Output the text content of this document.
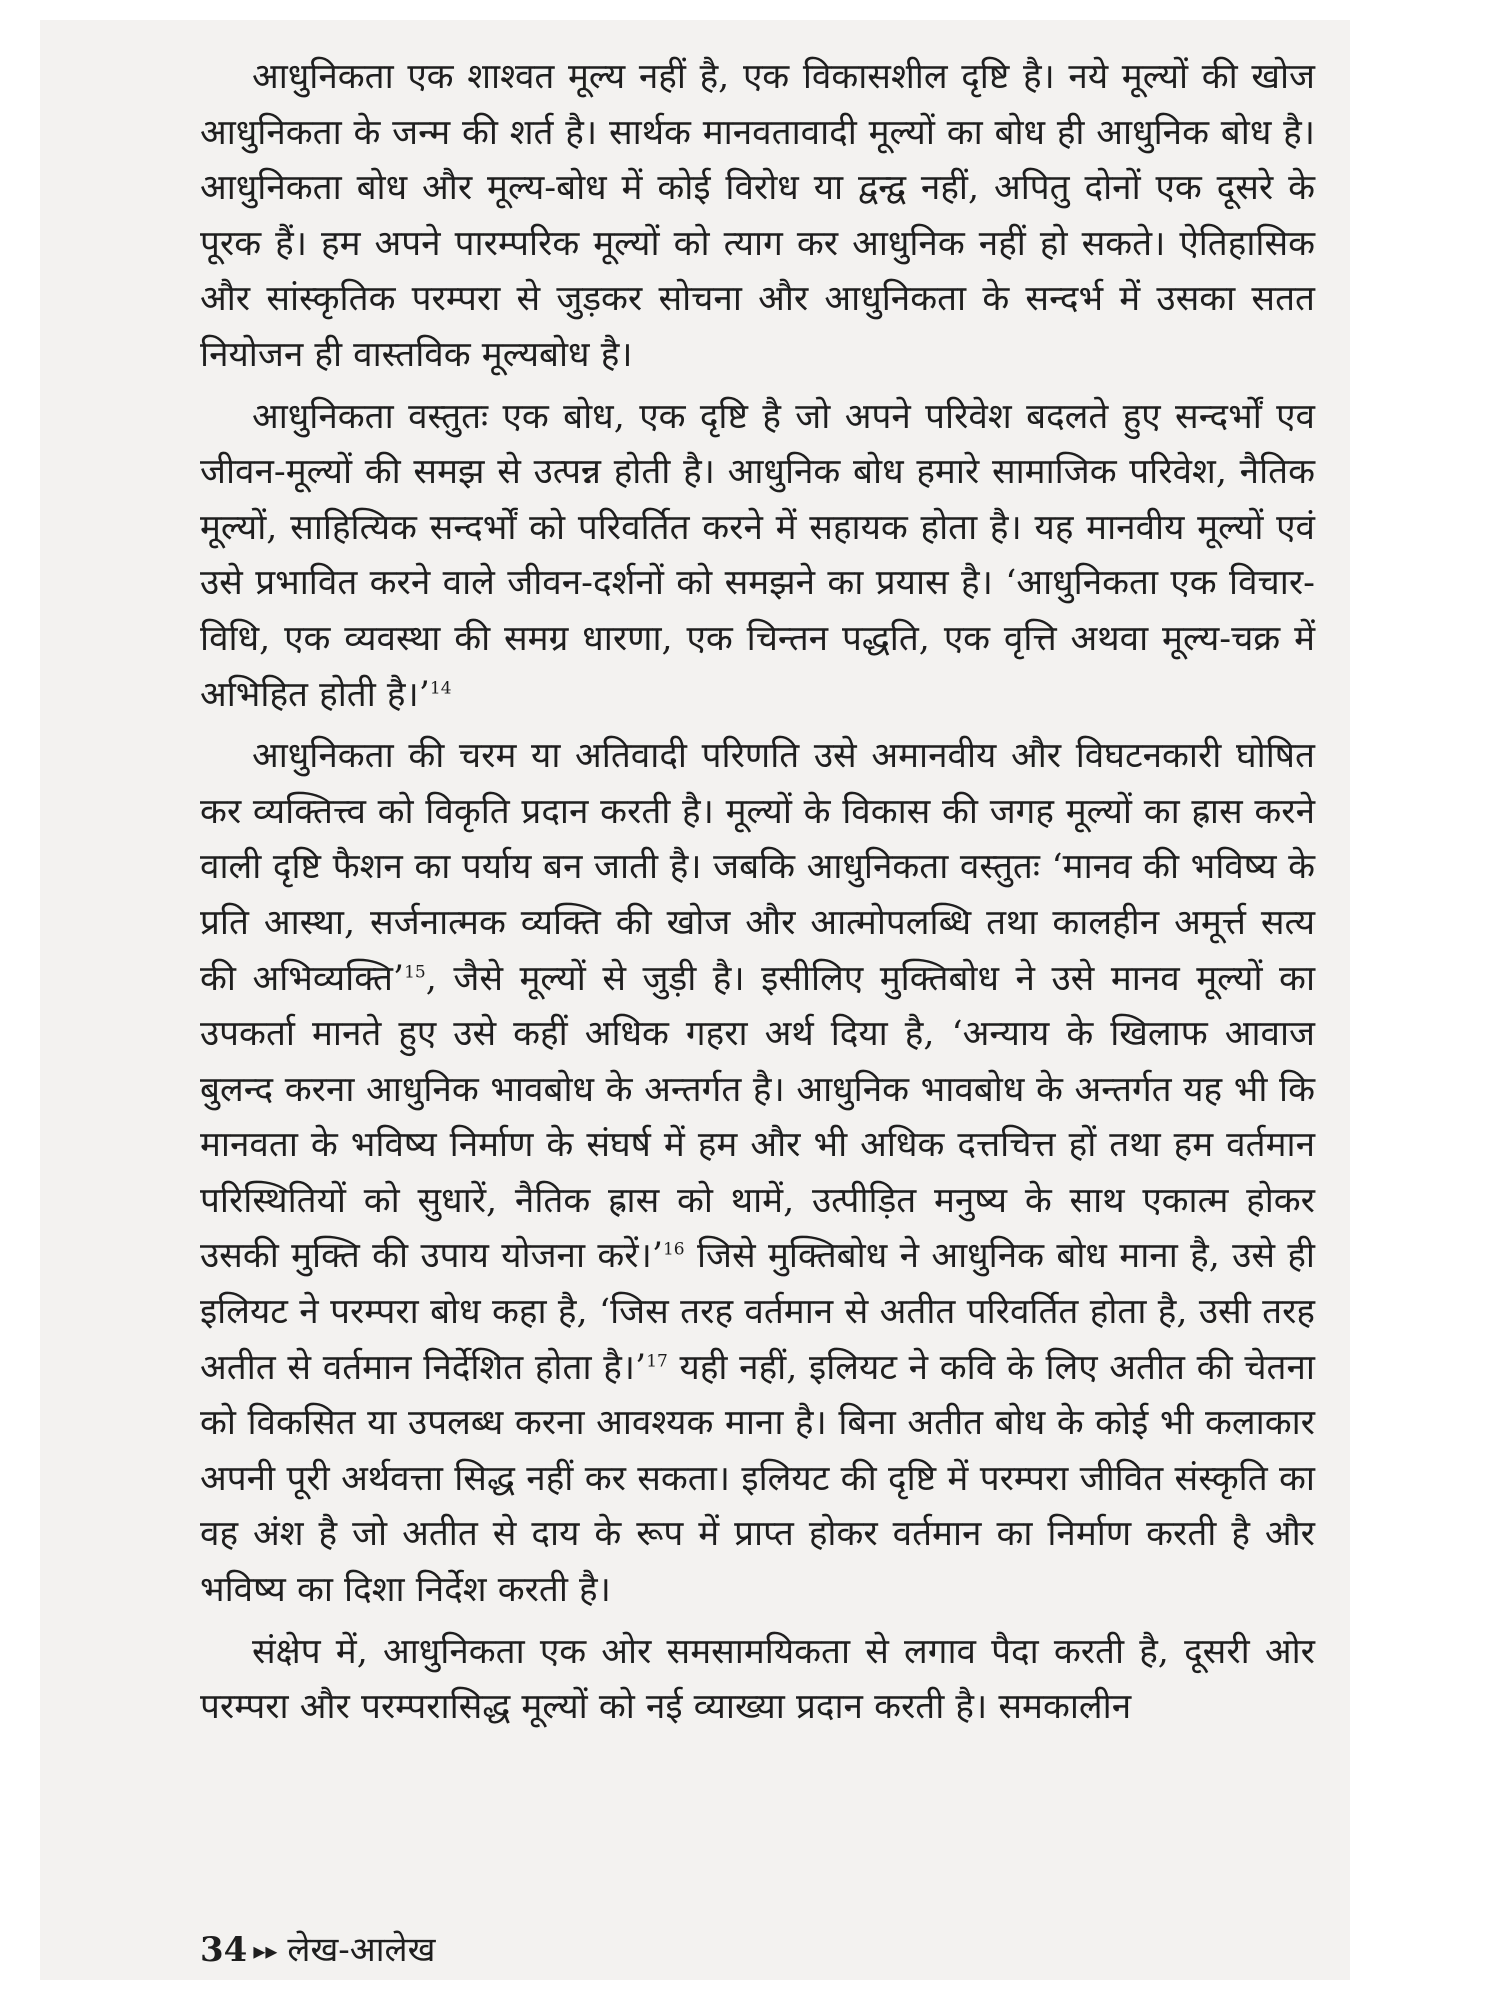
आधुनिकता एक शाश्वत मूल्य नहीं है, एक विकासशील दृष्टि है। नये मूल्यों की खोज आधुनिकता के जन्म की शर्त है। सार्थक मानवतावादी मूल्यों का बोध ही आधुनिक बोध है। आधुनिकता बोध और मूल्य-बोध में कोई विरोध या द्वन्द्व नहीं, अपितु दोनों एक दूसरे के पूरक हैं। हम अपने पारम्परिक मूल्यों को त्याग कर आधुनिक नहीं हो सकते। ऐतिहासिक और सांस्कृतिक परम्परा से जुड़कर सोचना और आधुनिकता के सन्दर्भ में उसका सतत नियोजन ही वास्तविक मूल्यबोध है।

आधुनिकता वस्तुतः एक बोध, एक दृष्टि है जो अपने परिवेश बदलते हुए सन्दर्भों एव जीवन-मूल्यों की समझ से उत्पन्न होती है। आधुनिक बोध हमारे सामाजिक परिवेश, नैतिक मूल्यों, साहित्यिक सन्दर्भों को परिवर्तित करने में सहायक होता है। यह मानवीय मूल्यों एवं उसे प्रभावित करने वाले जीवन-दर्शनों को समझने का प्रयास है। ‘आधुनिकता एक विचार-विधि, एक व्यवस्था की समग्र धारणा, एक चिन्तन पद्धति, एक वृत्ति अथवा मूल्य-चक्र में अभिहित होती है।’$^{14}$

आधुनिकता की चरम या अतिवादी परिणति उसे अमानवीय और विघटनकारी घोषित कर व्यक्तित्त्व को विकृति प्रदान करती है। मूल्यों के विकास की जगह मूल्यों का ह्रास करने वाली दृष्टि फैशन का पर्याय बन जाती है। जबकि आधुनिकता वस्तुतः ‘मानव की भविष्य के प्रति आस्था, सर्जनात्मक व्यक्ति की खोज और आत्मोपलब्धि तथा कालहीन अमूर्त्त सत्य की अभिव्यक्ति’$^{15}$, जैसे मूल्यों से जुड़ी है। इसीलिए मुक्तिबोध ने उसे मानव मूल्यों का उपकर्ता मानते हुए उसे कहीं अधिक गहरा अर्थ दिया है, ‘अन्याय के खिलाफ आवाज बुलन्द करना आधुनिक भावबोध के अन्तर्गत है। आधुनिक भावबोध के अन्तर्गत यह भी कि मानवता के भविष्य निर्माण के संघर्ष में हम और भी अधिक दत्तचित्त हों तथा हम वर्तमान परिस्थितियों को सुधारें, नैतिक ह्रास को थामें, उत्पीड़ित मनुष्य के साथ एकात्म होकर उसकी मुक्ति की उपाय योजना करें।’$^{16}$ जिसे मुक्तिबोध ने आधुनिक बोध माना है, उसे ही इलियट ने परम्परा बोध कहा है, ‘जिस तरह वर्तमान से अतीत परिवर्तित होता है, उसी तरह अतीत से वर्तमान निर्देशित होता है।’$^{17}$ यही नहीं, इलियट ने कवि के लिए अतीत की चेतना को विकसित या उपलब्ध करना आवश्यक माना है। बिना अतीत बोध के कोई भी कलाकार अपनी पूरी अर्थवत्ता सिद्ध नहीं कर सकता। इलियट की दृष्टि में परम्परा जीवित संस्कृति का वह अंश है जो अतीत से दाय के रूप में प्राप्त होकर वर्तमान का निर्माण करती है और भविष्य का दिशा निर्देश करती है।

संक्षेप में, आधुनिकता एक ओर समसामयिकता से लगाव पैदा करती है, दूसरी ओर परम्परा और परम्परासिद्ध मूल्यों को नई व्याख्या प्रदान करती है। समकालीन

34 ▸▸ लेख-आलेख
